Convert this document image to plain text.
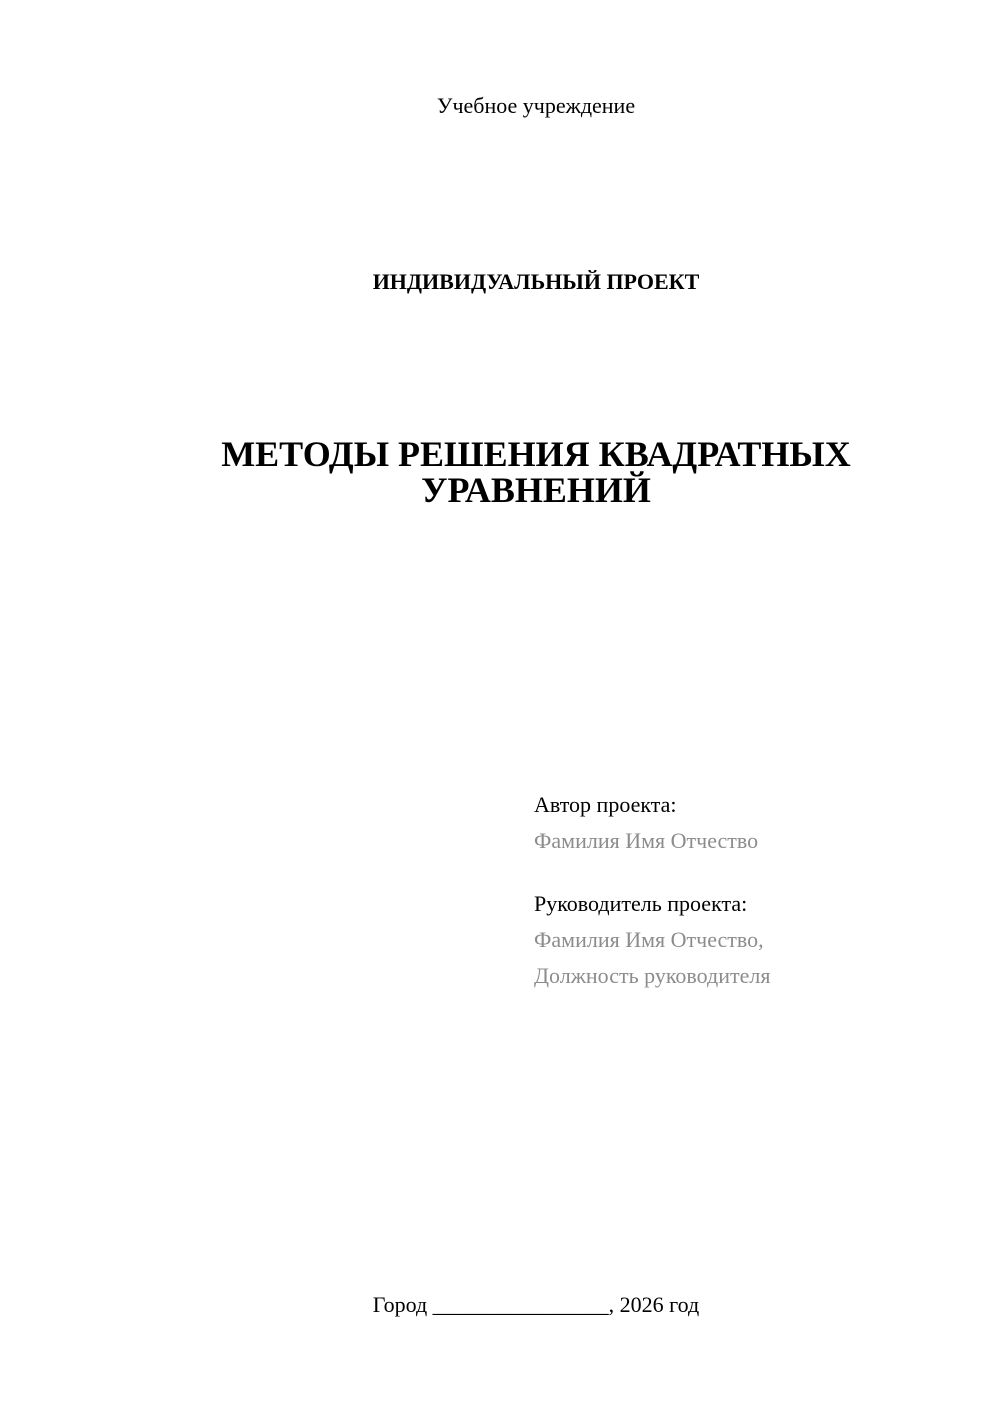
Учебное учреждение
ИНДИВИДУАЛЬНЫЙ ПРОЕКТ
МЕТОДЫ РЕШЕНИЯ КВАДРАТНЫХ
УРАВНЕНИЙ
Автор проекта:
Фамилия Имя Отчество
Руководитель проекта:
Фамилия Имя Отчество,
Должность руководителя
Город ________________, 2026 год
